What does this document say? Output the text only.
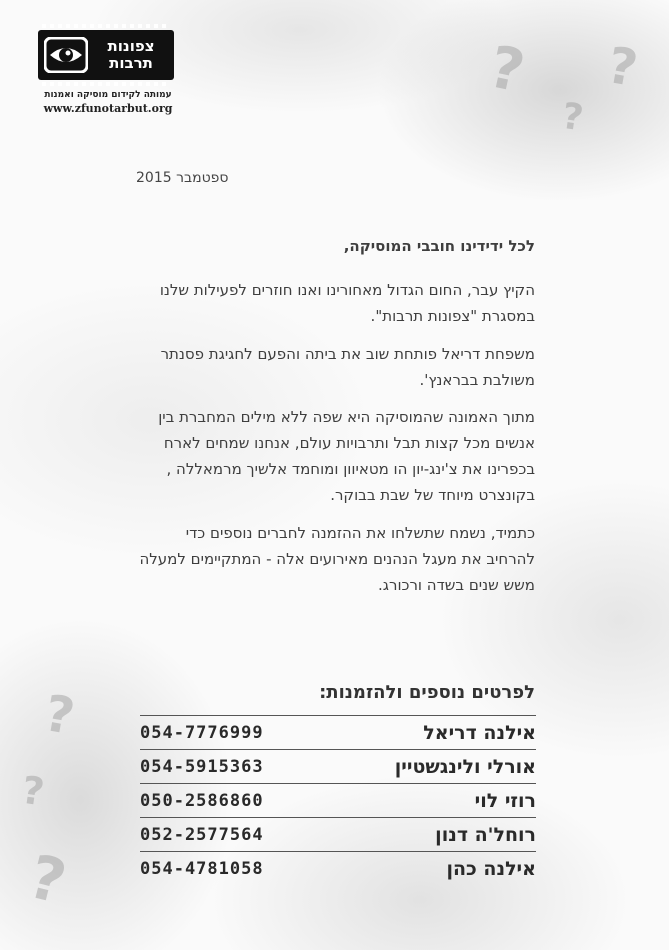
? ?
?
?
?
?
צפונות
תרבות
עמותה לקידום מוסיקה ואמנות
www.zfunotarbut.org
ספטמבר 2015
לכל ידידינו חובבי המוסיקה,
הקיץ עבר, החום הגדול מאחורינו ואנו חוזרים לפעילות שלנו במסגרת "צפונות תרבות".
משפחת דריאל פותחת שוב את ביתה והפעם לחגיגת פסנתר משולבת בבראנץ'.
מתוך האמונה שהמוסיקה היא שפה ללא מילים המחברת בין אנשים מכל קצות תבל ותרבויות עולם, אנחנו שמחים לארח בכפרינו את צ'ינג-יון הו מטאיוון ומוחמד אלשיך מרמאללה , בקונצרט מיוחד של שבת בבוקר.
כתמיד, נשמח שתשלחו את ההזמנה לחברים נוספים כדי להרחיב את מעגל הנהנים מאירועים אלה - המתקיימים למעלה משש שנים בשדה ורכורג.
לפרטים נוספים ולהזמנות:
054-7776999	אילנה דריאל
054-5915363	אורלי ולינגשטיין
050-2586860	רוזי לוי
052-2577564	רוחל'ה דנון
054-4781058	אילנה כהן
